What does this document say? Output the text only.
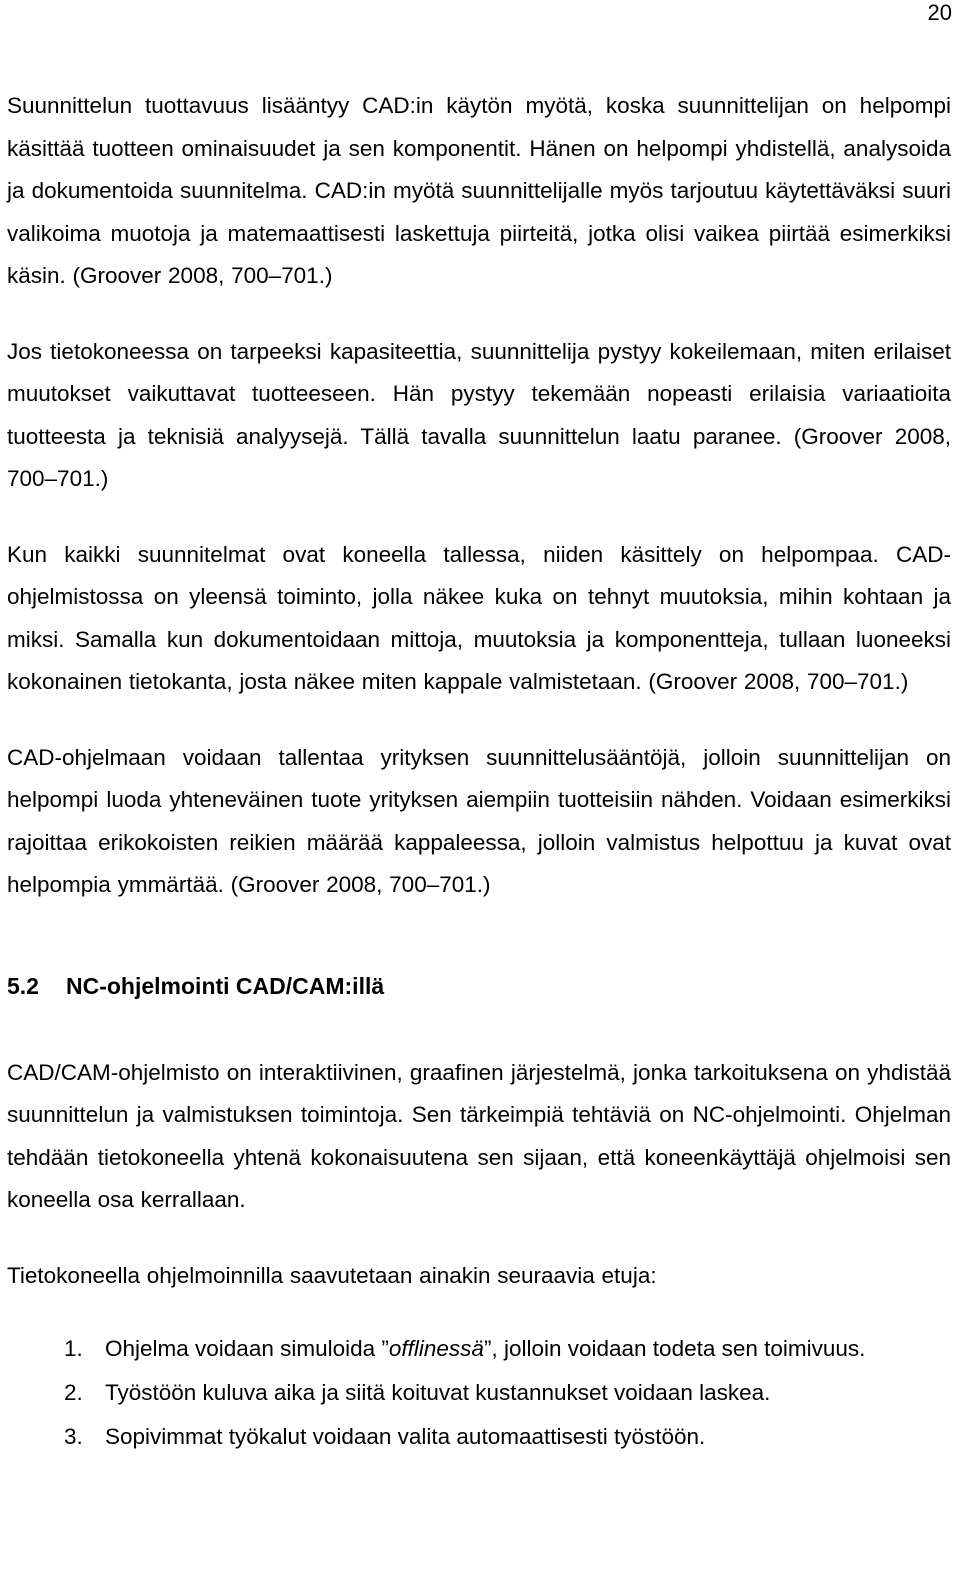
20

Suunnittelun tuottavuus lisääntyy CAD:in käytön myötä, koska suunnittelijan on helpompi käsittää tuotteen ominaisuudet ja sen komponentit. Hänen on helpompi yhdistellä, analysoida ja dokumentoida suunnitelma. CAD:in myötä suunnittelijalle myös tarjoutuu käytettäväksi suuri valikoima muotoja ja matemaattisesti laskettuja piirteitä, jotka olisi vaikea piirtää esimerkiksi käsin. (Groover 2008, 700–701.)

Jos tietokoneessa on tarpeeksi kapasiteettia, suunnittelija pystyy kokeilemaan, miten erilaiset muutokset vaikuttavat tuotteeseen. Hän pystyy tekemään nopeasti erilaisia variaatioita tuotteesta ja teknisiä analyysejä. Tällä tavalla suunnittelun laatu paranee. (Groover 2008, 700–701.)

Kun kaikki suunnitelmat ovat koneella tallessa, niiden käsittely on helpompaa. CAD-ohjelmistossa on yleensä toiminto, jolla näkee kuka on tehnyt muutoksia, mihin kohtaan ja miksi. Samalla kun dokumentoidaan mittoja, muutoksia ja komponentteja, tullaan luoneeksi kokonainen tietokanta, josta näkee miten kappale valmistetaan. (Groover 2008, 700–701.)

CAD-ohjelmaan voidaan tallentaa yrityksen suunnittelusääntöjä, jolloin suunnittelijan on helpompi luoda yhteneväinen tuote yrityksen aiempiin tuotteisiin nähden. Voidaan esimerkiksi rajoittaa erikokoisten reikien määrää kappaleessa, jolloin valmistus helpottuu ja kuvat ovat helpompia ymmärtää. (Groover 2008, 700–701.)

5.2 NC-ohjelmointi CAD/CAM:illä

CAD/CAM-ohjelmisto on interaktiivinen, graafinen järjestelmä, jonka tarkoituksena on yhdistää suunnittelun ja valmistuksen toimintoja. Sen tärkeimpiä tehtäviä on NC-ohjelmointi. Ohjelman tehdään tietokoneella yhtenä kokonaisuutena sen sijaan, että koneenkäyttäjä ohjelmoisi sen koneella osa kerrallaan.

Tietokoneella ohjelmoinnilla saavutetaan ainakin seuraavia etuja:

1. Ohjelma voidaan simuloida ”offlinessä”, jolloin voidaan todeta sen toimivuus.
2. Työstöön kuluva aika ja siitä koituvat kustannukset voidaan laskea.
3. Sopivimmat työkalut voidaan valita automaattisesti työstöön.
